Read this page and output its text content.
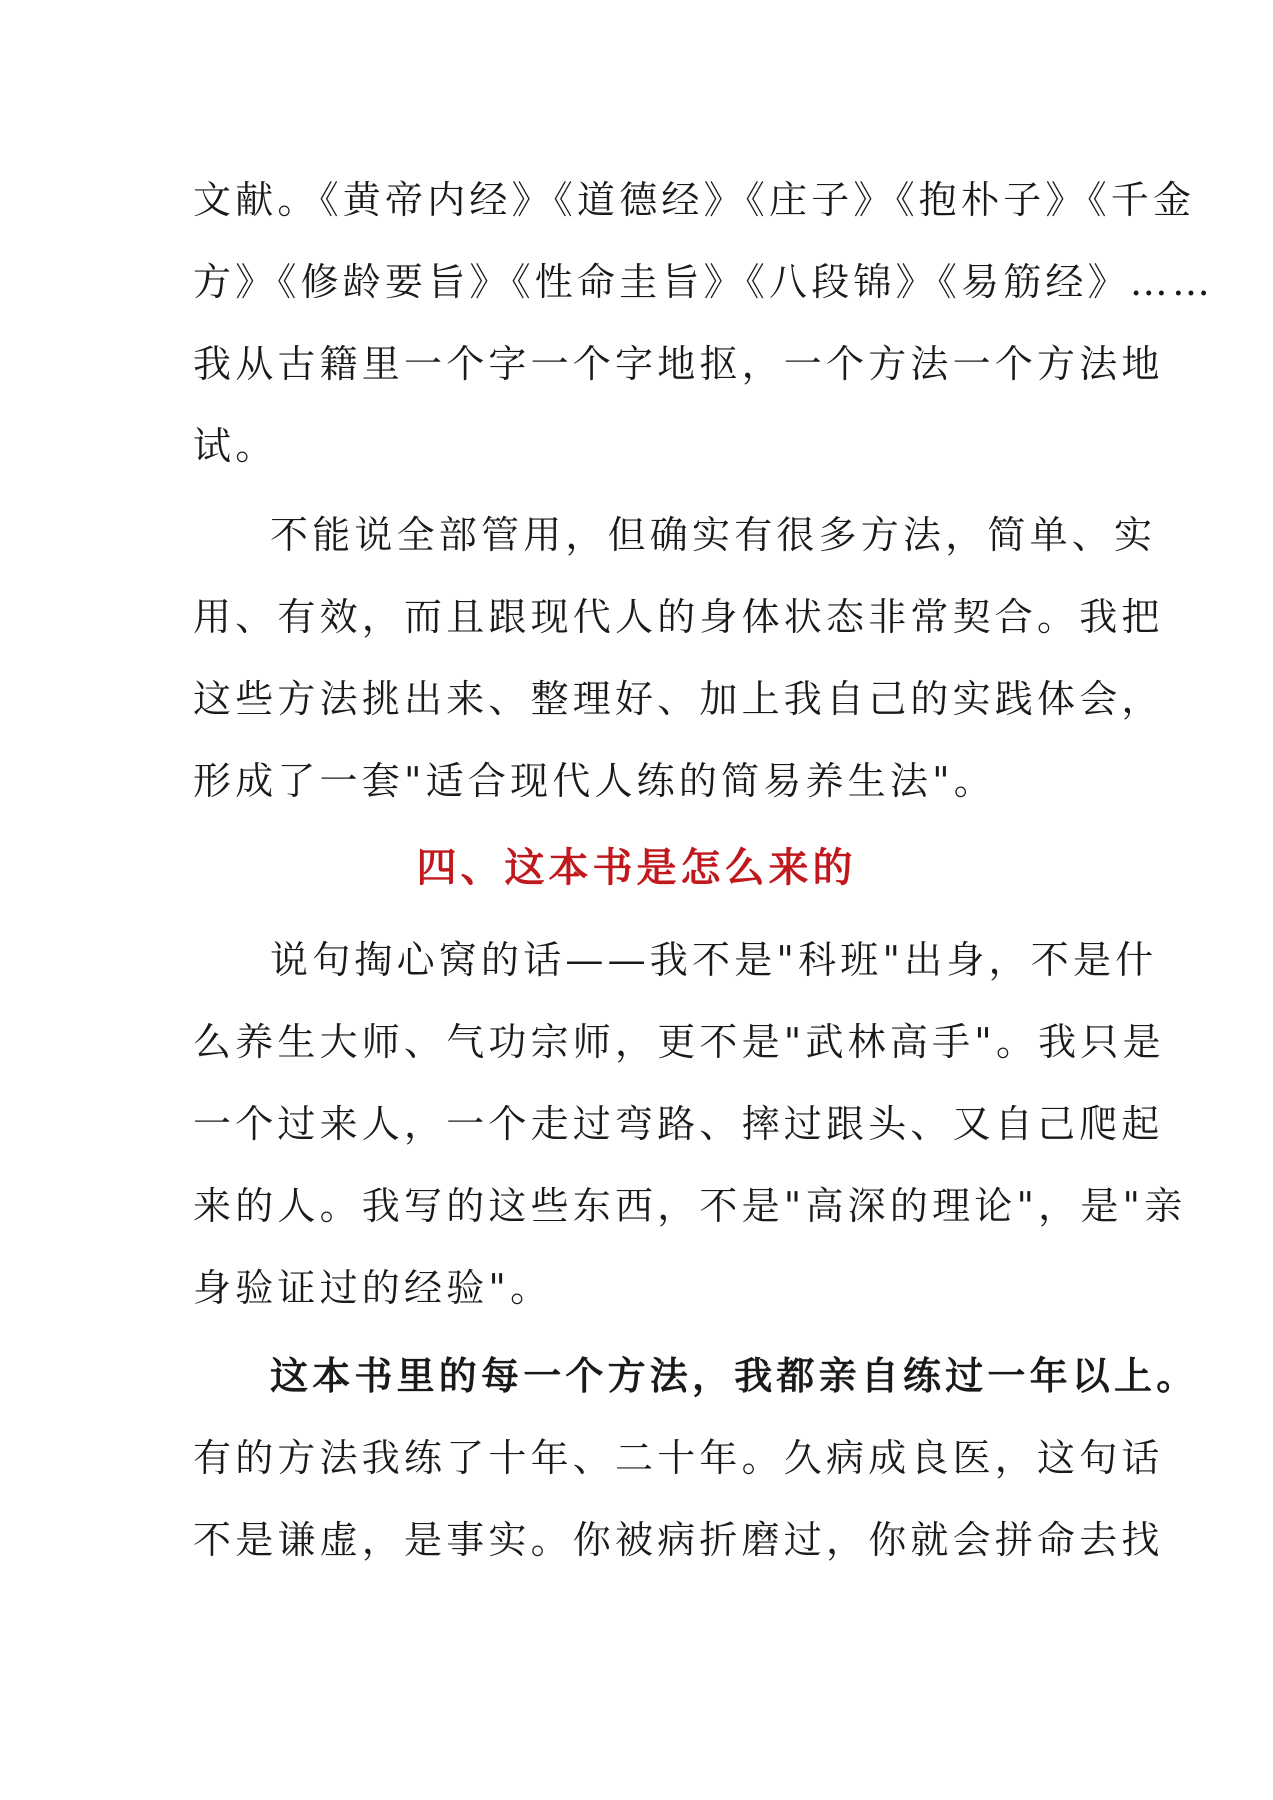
文献。《黄帝内经》《道德经》《庄子》《抱朴子》《千金
方》《修龄要旨》《性命圭旨》《八段锦》《易筋经》……
我从古籍里一个字一个字地抠，一个方法一个方法地
试。
不能说全部管用，但确实有很多方法，简单、实
用、有效，而且跟现代人的身体状态非常契合。我把
这些方法挑出来、整理好、加上我自己的实践体会，
形成了一套"适合现代人练的简易养生法"。
四、这本书是怎么来的
说句掏心窝的话——我不是"科班"出身，不是什
么养生大师、气功宗师，更不是"武林高手"。我只是
一个过来人，一个走过弯路、摔过跟头、又自己爬起
来的人。我写的这些东西，不是"高深的理论"，是"亲
身验证过的经验"。
这本书里的每一个方法，我都亲自练过一年以上。
有的方法我练了十年、二十年。久病成良医，这句话
不是谦虚，是事实。你被病折磨过，你就会拼命去找
